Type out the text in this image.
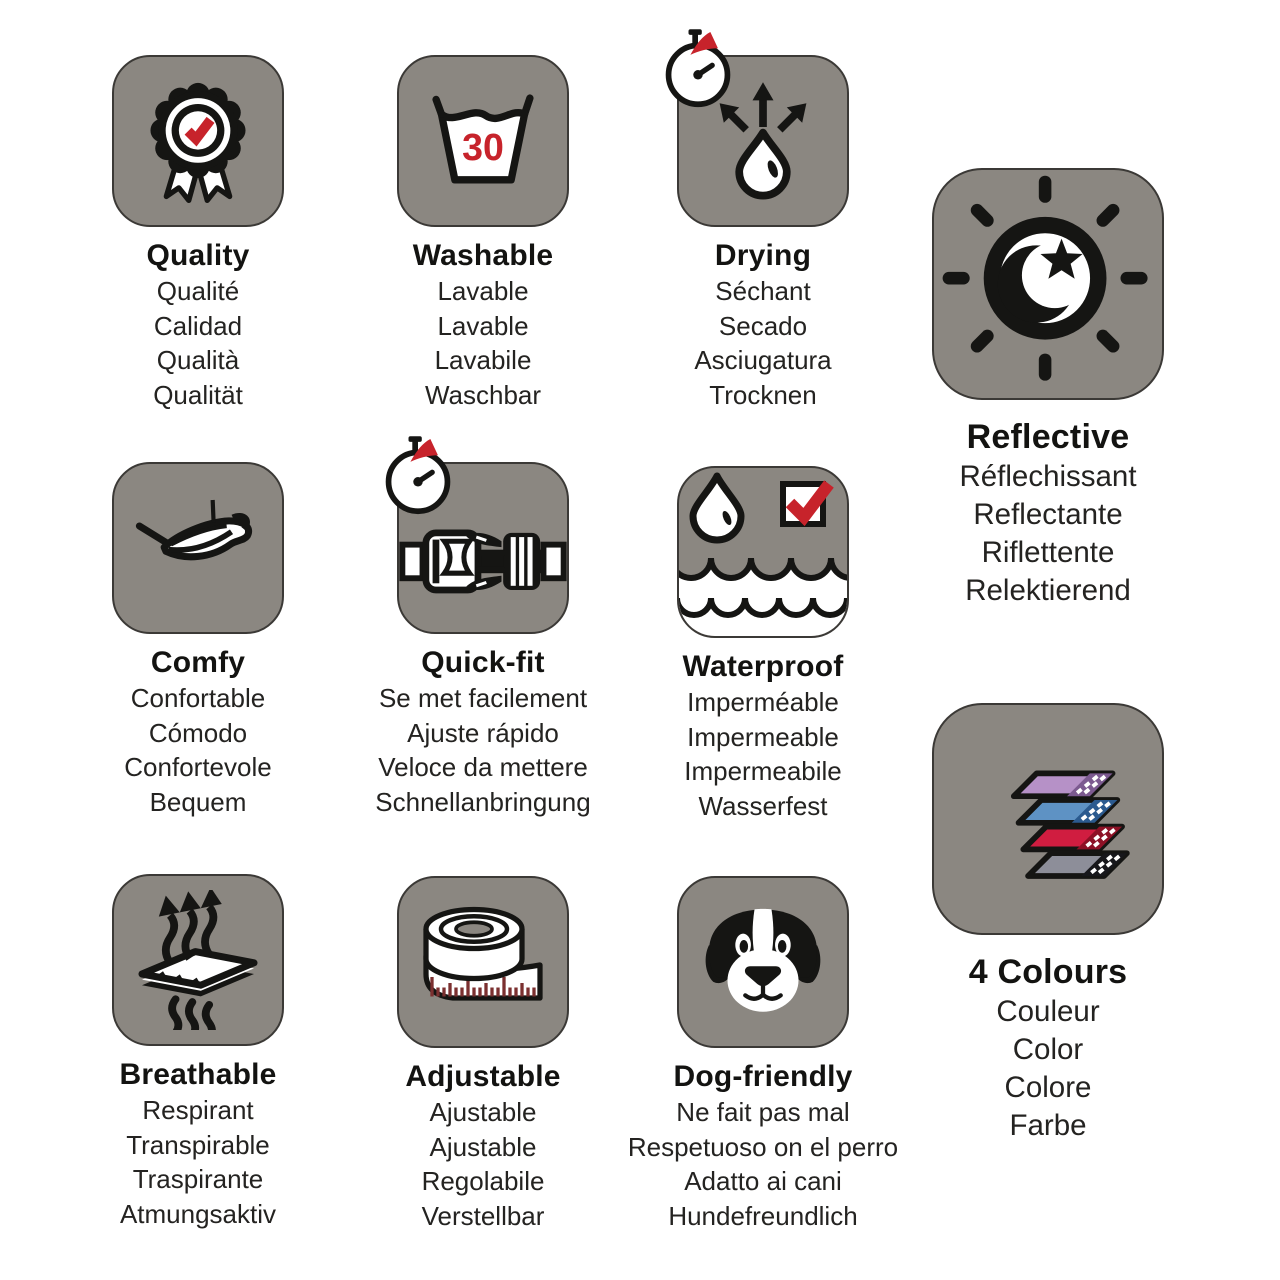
Quality
Qualité
Calidad
Qualità
Qualität
30
Washable
Lavable
Lavable
Lavabile
Waschbar
Drying
Séchant
Secado
Asciugatura
Trocknen
Reflective
Réflechissant
Reflectante
Riflettente
Relektierend
Comfy
Confortable
Cómodo
Confortevole
Bequem
Quick-fit
Se met facilement
Ajuste rápido
Veloce da mettere
Schnellanbringung
Waterproof
Imperméable
Impermeable
Impermeabile
Wasserfest
4 Colours
Couleur
Color
Colore
Farbe
Breathable
Respirant
Transpirable
Traspirante
Atmungsaktiv
Adjustable
Ajustable
Ajustable
Regolabile
Verstellbar
Dog-friendly
Ne fait pas mal
Respetuoso on el perro
Adatto ai cani
Hundefreundlich
